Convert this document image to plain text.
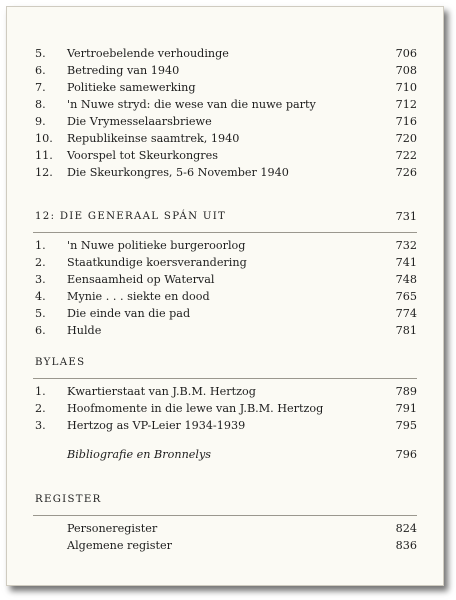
5.	Vertroebelende verhoudinge	706
6.	Betreding van 1940	708
7.	Politieke samewerking	710
8.	'n Nuwe stryd: die wese van die nuwe party	712
9.	Die Vrymesselaarsbriewe	716
10.	Republikeinse saamtrek, 1940	720
11.	Voorspel tot Skeurkongres	722
12.	Die Skeurkongres, 5-6 November 1940	726
12: DIE GENERAAL SPÁN UIT	731
1.	'n Nuwe politieke burgeroorlog	732
2.	Staatkundige koersverandering	741
3.	Eensaamheid op Waterval	748
4.	Mynie . . . siekte en dood	765
5.	Die einde van die pad	774
6.	Hulde	781
BYLAES
1.	Kwartierstaat van J.B.M. Hertzog	789
2.	Hoofmomente in die lewe van J.B.M. Hertzog	791
3.	Hertzog as VP-Leier 1934-1939	795
Bibliografie en Bronnelys	796
REGISTER
Personeregister	824
Algemene register	836
